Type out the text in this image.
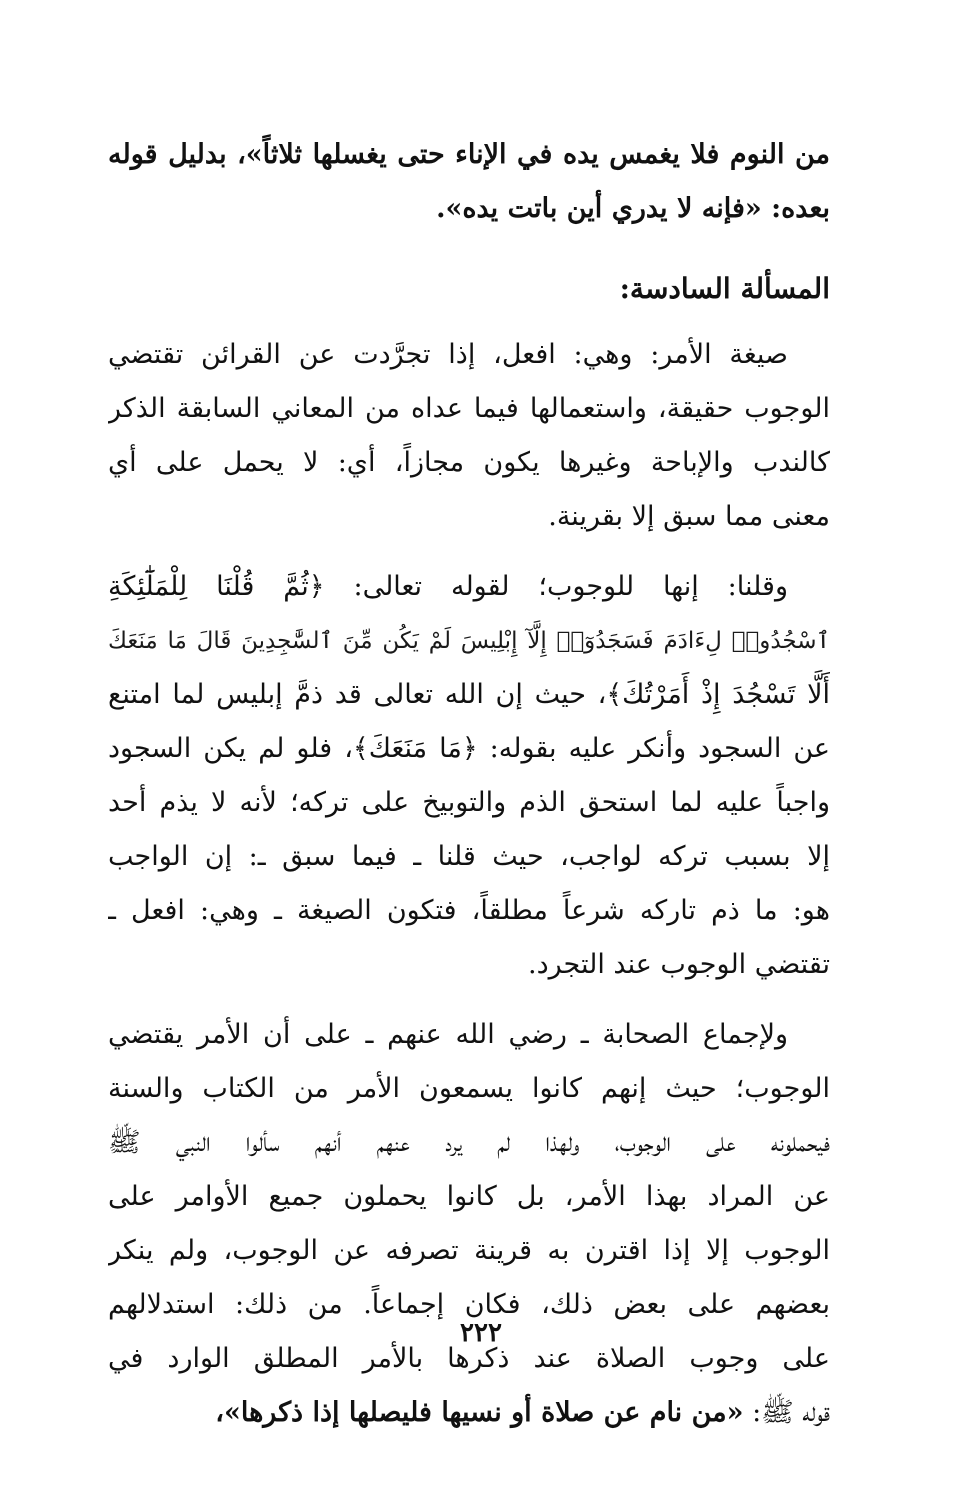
من النوم فلا يغمس يده في الإناء حتى يغسلها ثلاثاً»، بدليل قوله
بعده: «فإنه لا يدري أين باتت يده».
المسألة السادسة:
صيغة الأمر: وهي: افعل، إذا تجرَّدت عن القرائن تقتضي
الوجوب حقيقة، واستعمالها فيما عداه من المعاني السابقة الذكر
كالندب والإباحة وغيرها يكون مجازاً، أي: لا يحمل على أي
معنى مما سبق إلا بقرينة.
وقلنا: إنها للوجوب؛ لقوله تعالى: ﴿ثُمَّ قُلْنَا لِلْمَلَٰٓئِكَةِ
ٱسْجُدُوا۟ لِءَادَمَ فَسَجَدُوٓا۟ إِلَّآ إِبْلِيسَ لَمْ يَكُن مِّنَ ٱلسَّٰجِدِينَ قَالَ مَا مَنَعَكَ
أَلَّا تَسْجُدَ إِذْ أَمَرْتُكَ﴾، حيث إن الله تعالى قد ذمَّ إبليس لما امتنع
عن السجود وأنكر عليه بقوله: ﴿مَا مَنَعَكَ﴾، فلو لم يكن السجود
واجباً عليه لما استحق الذم والتوبيخ على تركه؛ لأنه لا يذم أحد
إلا بسبب تركه لواجب، حيث قلنا ـ فيما سبق ـ: إن الواجب
هو: ما ذم تاركه شرعاً مطلقاً، فتكون الصيغة ـ وهي: افعل ـ
تقتضي الوجوب عند التجرد.
ولإجماع الصحابة ـ رضي الله عنهم ـ على أن الأمر يقتضي
الوجوب؛ حيث إنهم كانوا يسمعون الأمر من الكتاب والسنة
فيحملونه على الوجوب، ولهذا لم يرد عنهم أنهم سألوا النبي ﷺ
عن المراد بهذا الأمر، بل كانوا يحملون جميع الأوامر على
الوجوب إلا إذا اقترن به قرينة تصرفه عن الوجوب، ولم ينكر
بعضهم على بعض ذلك، فكان إجماعاً. من ذلك: استدلالهم
على وجوب الصلاة عند ذكرها بالأمر المطلق الوارد في
قوله ﷺ: «من نام عن صلاة أو نسيها فليصلها إذا ذكرها»،
٢٢٢
